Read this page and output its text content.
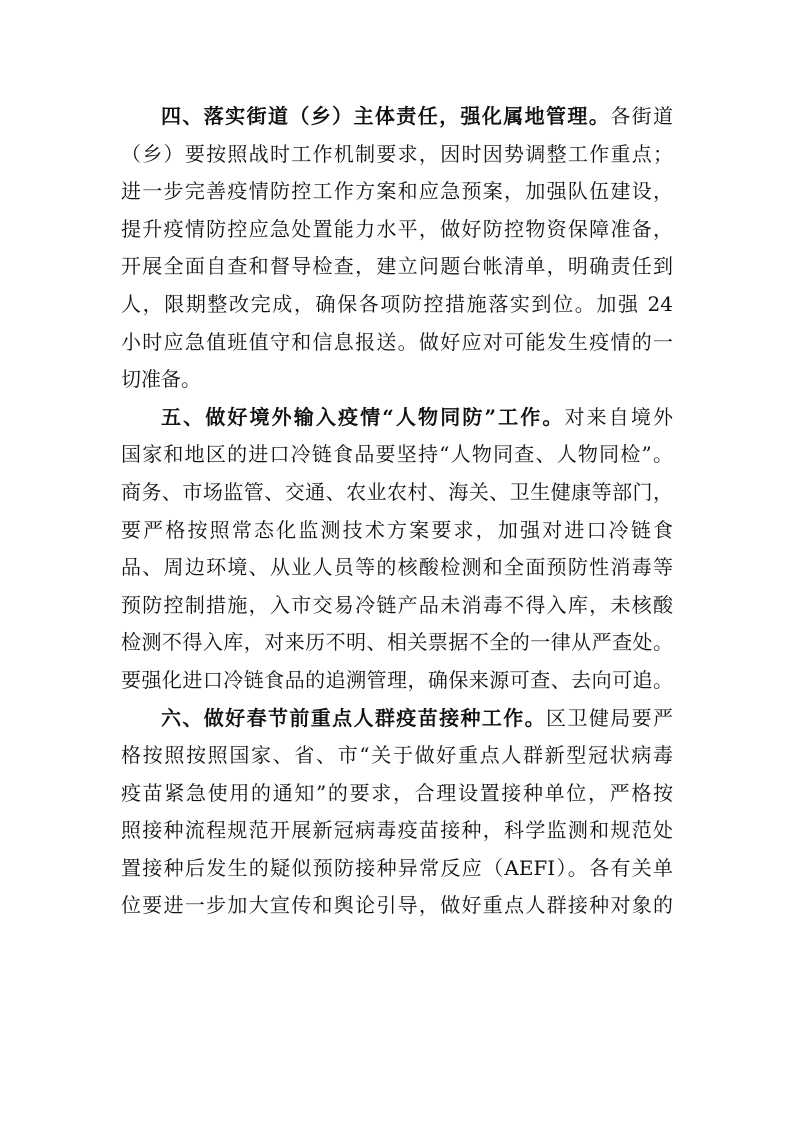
四、落实街道（乡）主体责任，强化属地管理。各街道
（乡）要按照战时工作机制要求，因时因势调整工作重点；
进一步完善疫情防控工作方案和应急预案，加强队伍建设，
提升疫情防控应急处置能力水平，做好防控物资保障准备，
开展全面自查和督导检查，建立问题台帐清单，明确责任到
人，限期整改完成，确保各项防控措施落实到位。加强 24
小时应急值班值守和信息报送。做好应对可能发生疫情的一
切准备。
五、做好境外输入疫情“人物同防”工作。对来自境外
国家和地区的进口冷链食品要坚持“人物同查、人物同检”。
商务、市场监管、交通、农业农村、海关、卫生健康等部门，
要严格按照常态化监测技术方案要求，加强对进口冷链食
品、周边环境、从业人员等的核酸检测和全面预防性消毒等
预防控制措施，入市交易冷链产品未消毒不得入库，未核酸
检测不得入库，对来历不明、相关票据不全的一律从严查处。
要强化进口冷链食品的追溯管理，确保来源可查、去向可追。
六、做好春节前重点人群疫苗接种工作。区卫健局要严
格按照按照国家、省、市“关于做好重点人群新型冠状病毒
疫苗紧急使用的通知”的要求，合理设置接种单位，严格按
照接种流程规范开展新冠病毒疫苗接种，科学监测和规范处
置接种后发生的疑似预防接种异常反应（AEFI）。各有关单
位要进一步加大宣传和舆论引导，做好重点人群接种对象的
